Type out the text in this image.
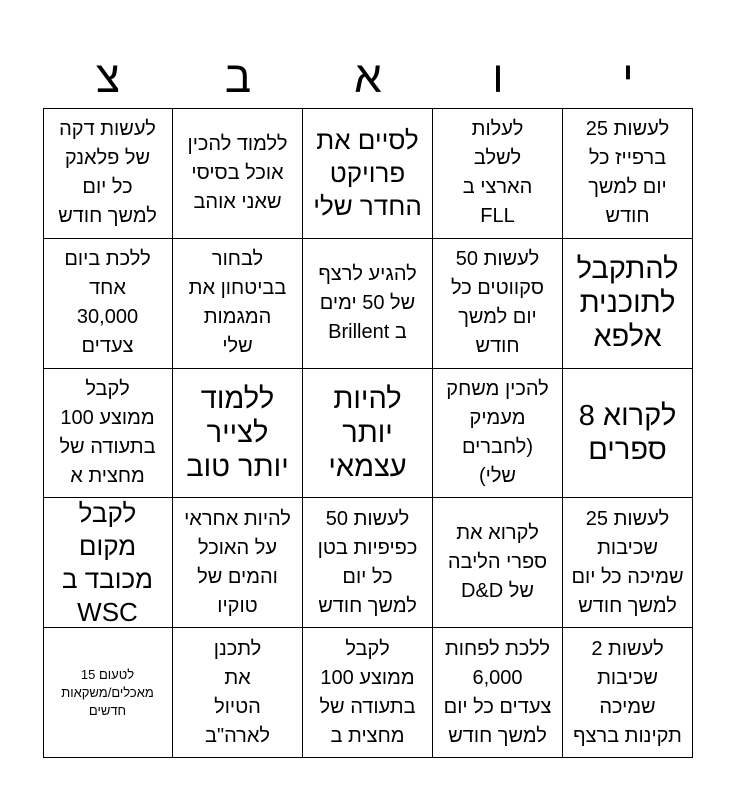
י
ו
א
ב
צ
לעשות 25
ברפייז כל
יום למשך
חודש
לעלות
לשלב
הארצי ב
FLL
לסיים את
פרויקט
החדר שלי
ללמוד להכין
אוכל בסיסי
שאני אוהב
לעשות דקה
של פלאנק
כל יום
למשך חודש
להתקבל
לתוכנית
אלפא
לעשות 50
סקווטים כל
יום למשך
חודש
להגיע לרצף
של 50 ימים
ב Brillent
לבחור
בביטחון את
המגמות
שלי
ללכת ביום
אחד
30,000
צעדים
לקרוא 8
ספרים
להכין משחק
מעמיק
(לחברים
שלי)
להיות
יותר
עצמאי
ללמוד
לצייר
יותר טוב
לקבל
ממוצע 100
בתעודה של
מחצית א
לעשות 25
שכיבות
שמיכה כל יום
למשך חודש
לקרוא את
ספרי הליבה
של D&D
לעשות 50
כפיפיות בטן
כל יום
למשך חודש
להיות אחראי
על האוכל
והמים של
טוקיו
לקבל מקום
מכובד ב
WSC
לעשות 2
שכיבות
שמיכה
תקינות ברצף
ללכת לפחות
6,000
צעדים כל יום
למשך חודש
לקבל
ממוצע 100
בתעודה של
מחצית ב
לתכנן
את
הטיול
לארה"ב
לטעום 15
מאכלים/משקאות
חדשים
